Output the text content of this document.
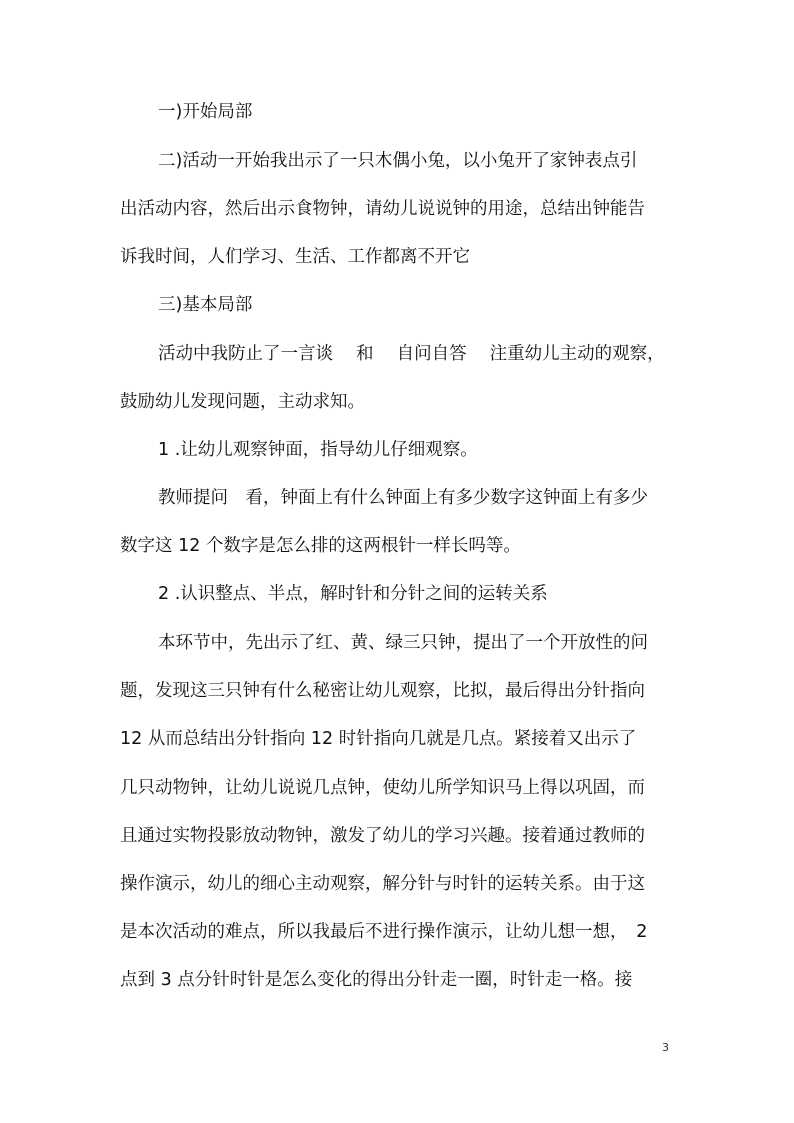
一)开始局部
二)活动一开始我出示了一只木偶小兔，以小兔开了家钟表点引
出活动内容，然后出示食物钟，请幼儿说说钟的用途，总结出钟能告
诉我时间，人们学习、生活、工作都离不开它
三)基本局部
活动中我防止了一言谈　 和　 自问自答　 注重幼儿主动的观察，
鼓励幼儿发现问题，主动求知。
1 .让幼儿观察钟面，指导幼儿仔细观察。
教师提问　看，钟面上有什么钟面上有多少数字这钟面上有多少
数字这 12 个数字是怎么排的这两根针一样长吗等。
2 .认识整点、半点，解时针和分针之间的运转关系
本环节中，先出示了红、黄、绿三只钟，提出了一个开放性的问
题，发现这三只钟有什么秘密让幼儿观察，比拟，最后得出分针指向
12 从而总结出分针指向 12 时针指向几就是几点。紧接着又出示了
几只动物钟，让幼儿说说几点钟，使幼儿所学知识马上得以巩固，而
且通过实物投影放动物钟，激发了幼儿的学习兴趣。接着通过教师的
操作演示，幼儿的细心主动观察，解分针与时针的运转关系。由于这
是本次活动的难点，所以我最后不进行操作演示，让幼儿想一想，　2
点到 3 点分针时针是怎么变化的得出分针走一圈，时针走一格。接
3
